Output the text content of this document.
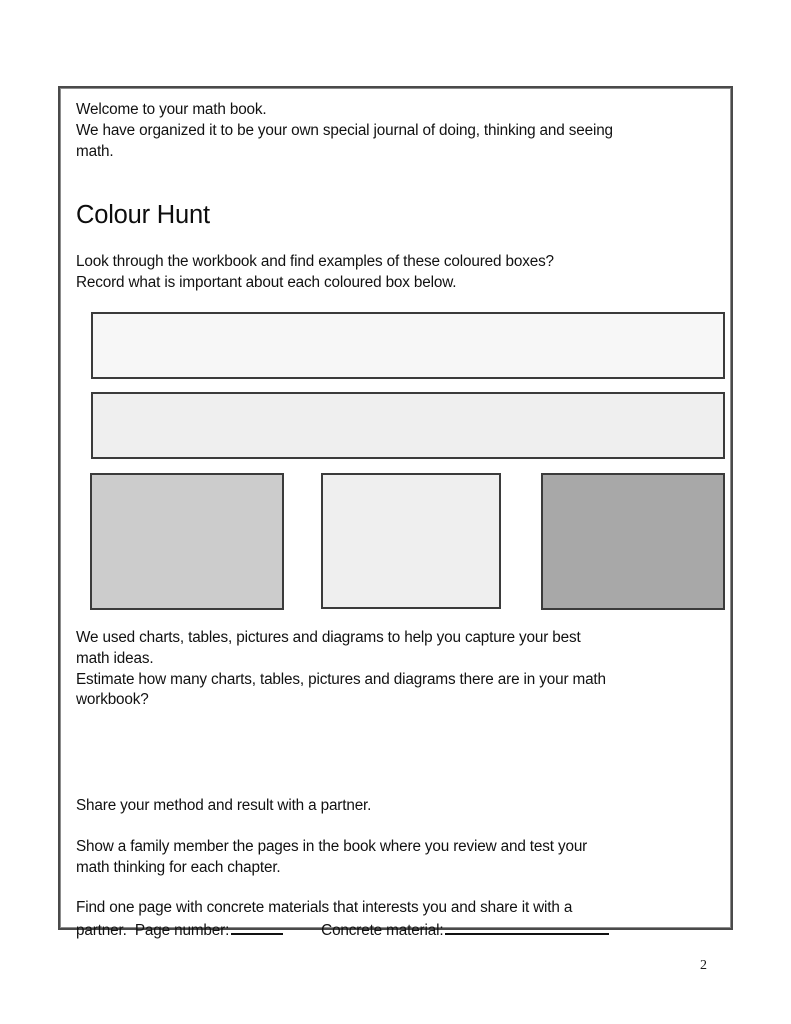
Welcome to your math book.
We have organized it to be your own special journal of doing, thinking and seeing
math.

Colour Hunt

Look through the workbook and find examples of these coloured boxes?
Record what is important about each coloured box below.

We used charts, tables, pictures and diagrams to help you capture your best
math ideas.
Estimate how many charts, tables, pictures and diagrams there are in your math
workbook?

Share your method and result with a partner.

Show a family member the pages in the book where you review and test your
math thinking for each chapter.

Find one page with concrete materials that interests you and share it with a
partner.  Page number:	Concrete material:

2
